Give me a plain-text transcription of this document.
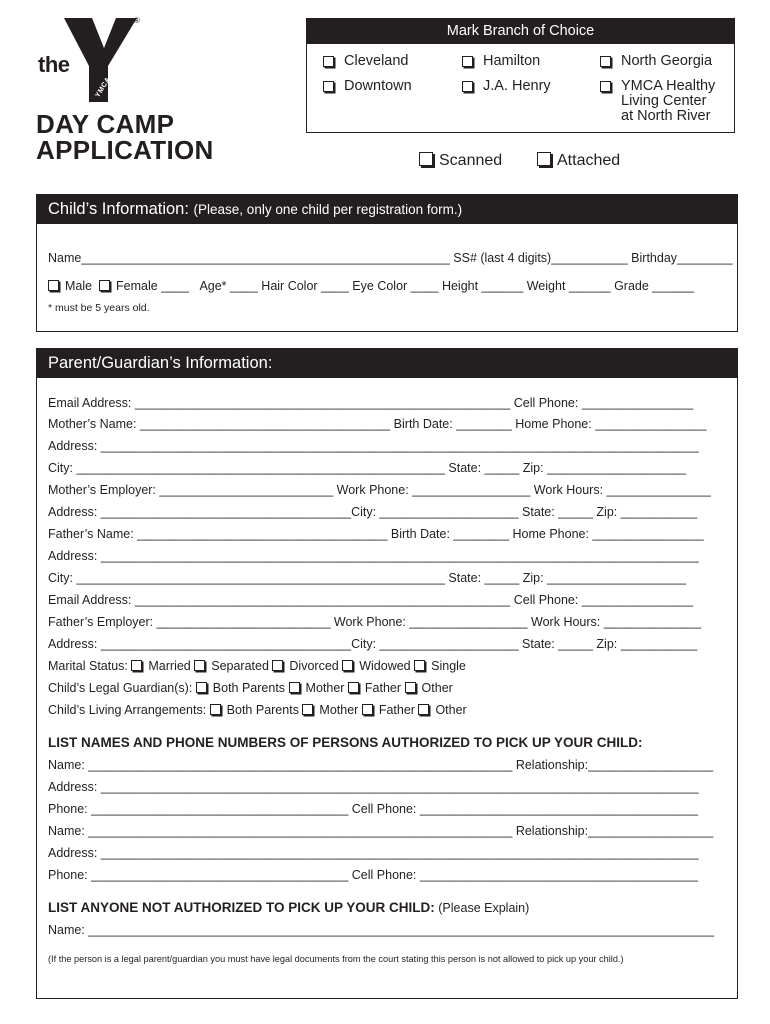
the
®
YMCA
DAY CAMP
APPLICATION
Mark Branch of Choice
Cleveland	Hamilton	North Georgia
Downtown	J.A. Henry	YMCA Healthy
Living Center
at North River
Scanned	Attached
Child’s Information: (Please, only one child per registration form.)
Name_____________________________________________________ SS# (last 4 digits)___________ Birthday________
Male Female ____ Age* ____ Hair Color ____ Eye Color ____ Height ______ Weight ______ Grade ______
* must be 5 years old.
Parent/Guardian’s Information:
Email Address: ______________________________________________________ Cell Phone: ________________
Mother’s Name: ____________________________________ Birth Date: ________ Home Phone: ________________
Address: ______________________________________________________________________________________
City: _____________________________________________________ State: _____ Zip: ____________________
Mother’s Employer: _________________________ Work Phone: _________________ Work Hours: _______________
Address: ____________________________________City: ____________________ State: _____ Zip: ___________
Father’s Name: ____________________________________ Birth Date: ________ Home Phone: ________________
Address: ______________________________________________________________________________________
City: _____________________________________________________ State: _____ Zip: ____________________
Email Address: ______________________________________________________ Cell Phone: ________________
Father’s Employer: _________________________ Work Phone: _________________ Work Hours: ______________
Address: ____________________________________City: ____________________ State: _____ Zip: ___________
Marital Status: Married Separated Divorced Widowed Single
Child’s Legal Guardian(s): Both Parents Mother Father Other
Child’s Living Arrangements: Both Parents Mother Father Other
LIST NAMES AND PHONE NUMBERS OF PERSONS AUTHORIZED TO PICK UP YOUR CHILD:
Name: _____________________________________________________________ Relationship:__________________
Address: ______________________________________________________________________________________
Phone: _____________________________________ Cell Phone: ________________________________________
Name: _____________________________________________________________ Relationship:__________________
Address: ______________________________________________________________________________________
Phone: _____________________________________ Cell Phone: ________________________________________
LIST ANYONE NOT AUTHORIZED TO PICK UP YOUR CHILD: (Please Explain)
Name: __________________________________________________________________________________________
(If the person is a legal parent/guardian you must have legal documents from the court stating this person is not allowed to pick up your child.)
